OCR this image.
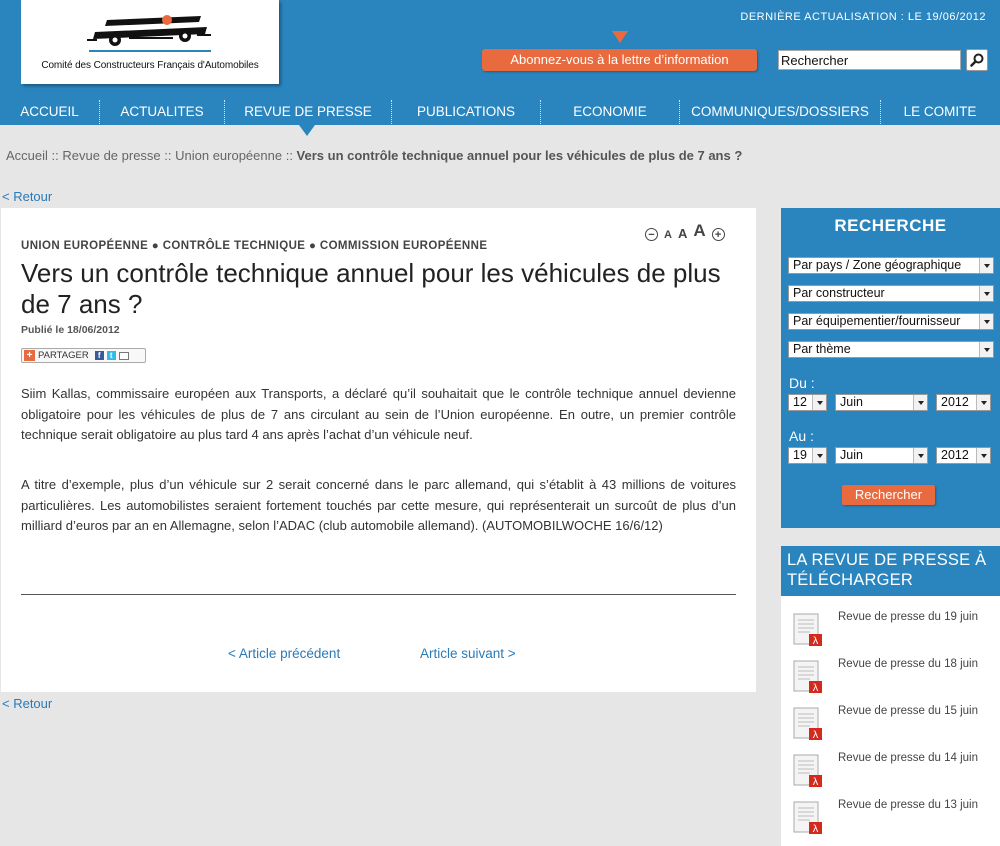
Comité des Constructeurs Français d'Automobiles
DERNIÈRE ACTUALISATION : LE 19/06/2012
Abonnez-vous à la lettre d’information
Rechercher
ACCUEIL	ACTUALITES	REVUE DE PRESSE	PUBLICATIONS	ECONOMIE	COMMUNIQUES/DOSSIERS	LE COMITE
Accueil :: Revue de presse :: Union européenne :: Vers un contrôle technique annuel pour les véhicules de plus de 7 ans ?
< Retour
− A A A +
UNION EUROPÉENNE ● CONTRÔLE TECHNIQUE ● COMMISSION EUROPÉENNE
Vers un contrôle technique annuel pour les véhicules de plus de 7 ans ?
Publié le 18/06/2012
+ PARTAGER	f	t

Siim Kallas, commissaire européen aux Transports, a déclaré qu’il souhaitait que le contrôle technique annuel devienne obligatoire pour les véhicules de plus de 7 ans circulant au sein de l’Union européenne. En outre, un premier contrôle technique serait obligatoire au plus tard 4 ans après l’achat d’un véhicule neuf.

A titre d’exemple, plus d’un véhicule sur 2 serait concerné dans le parc allemand, qui s’établit à 43 millions de voitures particulières. Les automobilistes seraient fortement touchés par cette mesure, qui représenterait un surcoût de plus d’un milliard d’euros par an en Allemagne, selon l’ADAC (club automobile allemand). (AUTOMOBILWOCHE 16/6/12)

< Article précédent	Article suivant >
< Retour
RECHERCHE
Par pays / Zone géographique
Par constructeur
Par équipementier/fournisseur
Par thème
Du :
12	Juin	2012
Au :
19	Juin	2012
Rechercher
LA REVUE DE PRESSE À TÉLÉCHARGER
λ
Revue de presse du 19 juin
λ
Revue de presse du 18 juin
λ
Revue de presse du 15 juin
λ
Revue de presse du 14 juin
λ
Revue de presse du 13 juin
